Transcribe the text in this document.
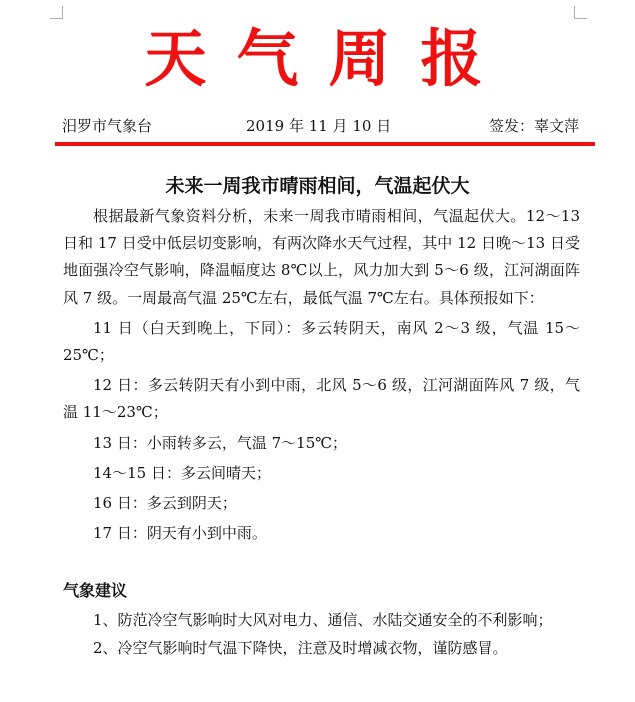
天气周报
汨罗市气象台	2019 年 11 月 10 日	签发：辜文萍
未来一周我市晴雨相间，气温起伏大

根据最新气象资料分析，未来一周我市晴雨相间，气温起伏大。12～13 日和 17 日受中低层切变影响，有两次降水天气过程，其中 12 日晚～13 日受地面强冷空气影响，降温幅度达 8℃以上，风力加大到 5～6 级，江河湖面阵风 7 级。一周最高气温 25℃左右，最低气温 7℃左右。具体预报如下：

11 日（白天到晚上，下同）：多云转阴天，南风 2～3 级，气温 15～25℃；

12 日：多云转阴天有小到中雨，北风 5～6 级，江河湖面阵风 7 级，气温 11～23℃；

13 日：小雨转多云，气温 7～15℃；

14～15 日：多云间晴天；

16 日：多云到阴天；

17 日：阴天有小到中雨。

气象建议

1、防范冷空气影响时大风对电力、通信、水陆交通安全的不利影响；

2、冷空气影响时气温下降快，注意及时增减衣物，谨防感冒。
